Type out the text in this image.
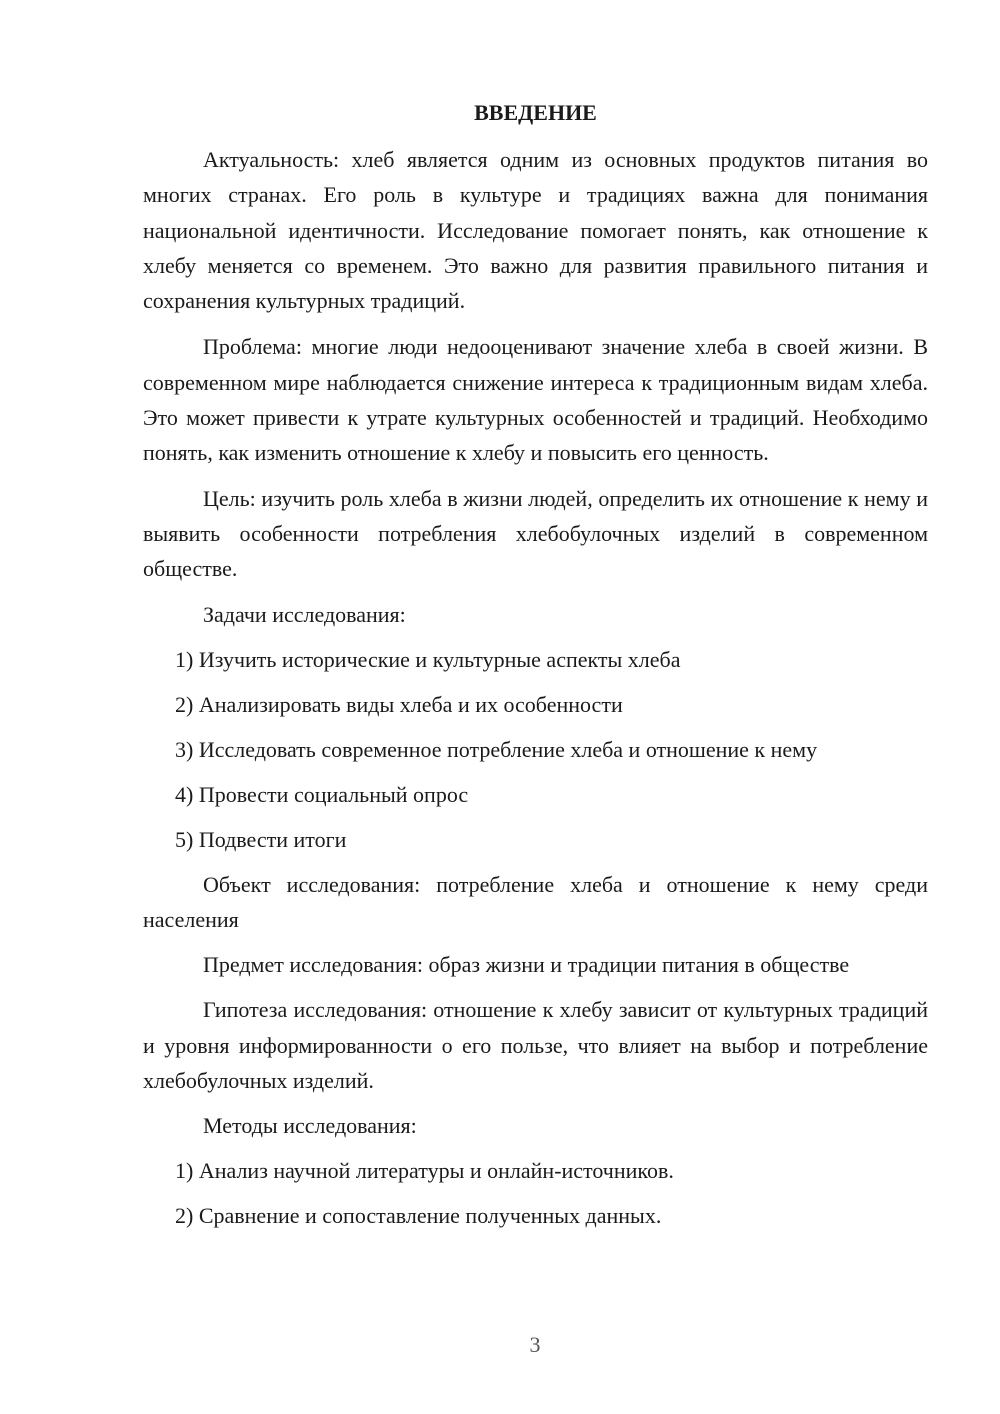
ВВЕДЕНИЕ

Актуальность: хлеб является одним из основных продуктов питания во многих странах. Его роль в культуре и традициях важна для понимания национальной идентичности. Исследование помогает понять, как отношение к хлебу меняется со временем. Это важно для развития правильного питания и сохранения культурных традиций.

Проблема: многие люди недооценивают значение хлеба в своей жизни. В современном мире наблюдается снижение интереса к традиционным видам хлеба. Это может привести к утрате культурных особенностей и традиций. Необходимо понять, как изменить отношение к хлебу и повысить его ценность.

Цель: изучить роль хлеба в жизни людей, определить их отношение к нему и выявить особенности потребления хлебобулочных изделий в современном обществе.

Задачи исследования:
1) Изучить исторические и культурные аспекты хлеба
2) Анализировать виды хлеба и их особенности
3) Исследовать современное потребление хлеба и отношение к нему
4) Провести социальный опрос
5) Подвести итоги

Объект исследования: потребление хлеба и отношение к нему среди населения

Предмет исследования: образ жизни и традиции питания в обществе

Гипотеза исследования: отношение к хлебу зависит от культурных традиций и уровня информированности о его пользе, что влияет на выбор и потребление хлебобулочных изделий.

Методы исследования:
1) Анализ научной литературы и онлайн-источников.
2) Сравнение и сопоставление полученных данных.
3
